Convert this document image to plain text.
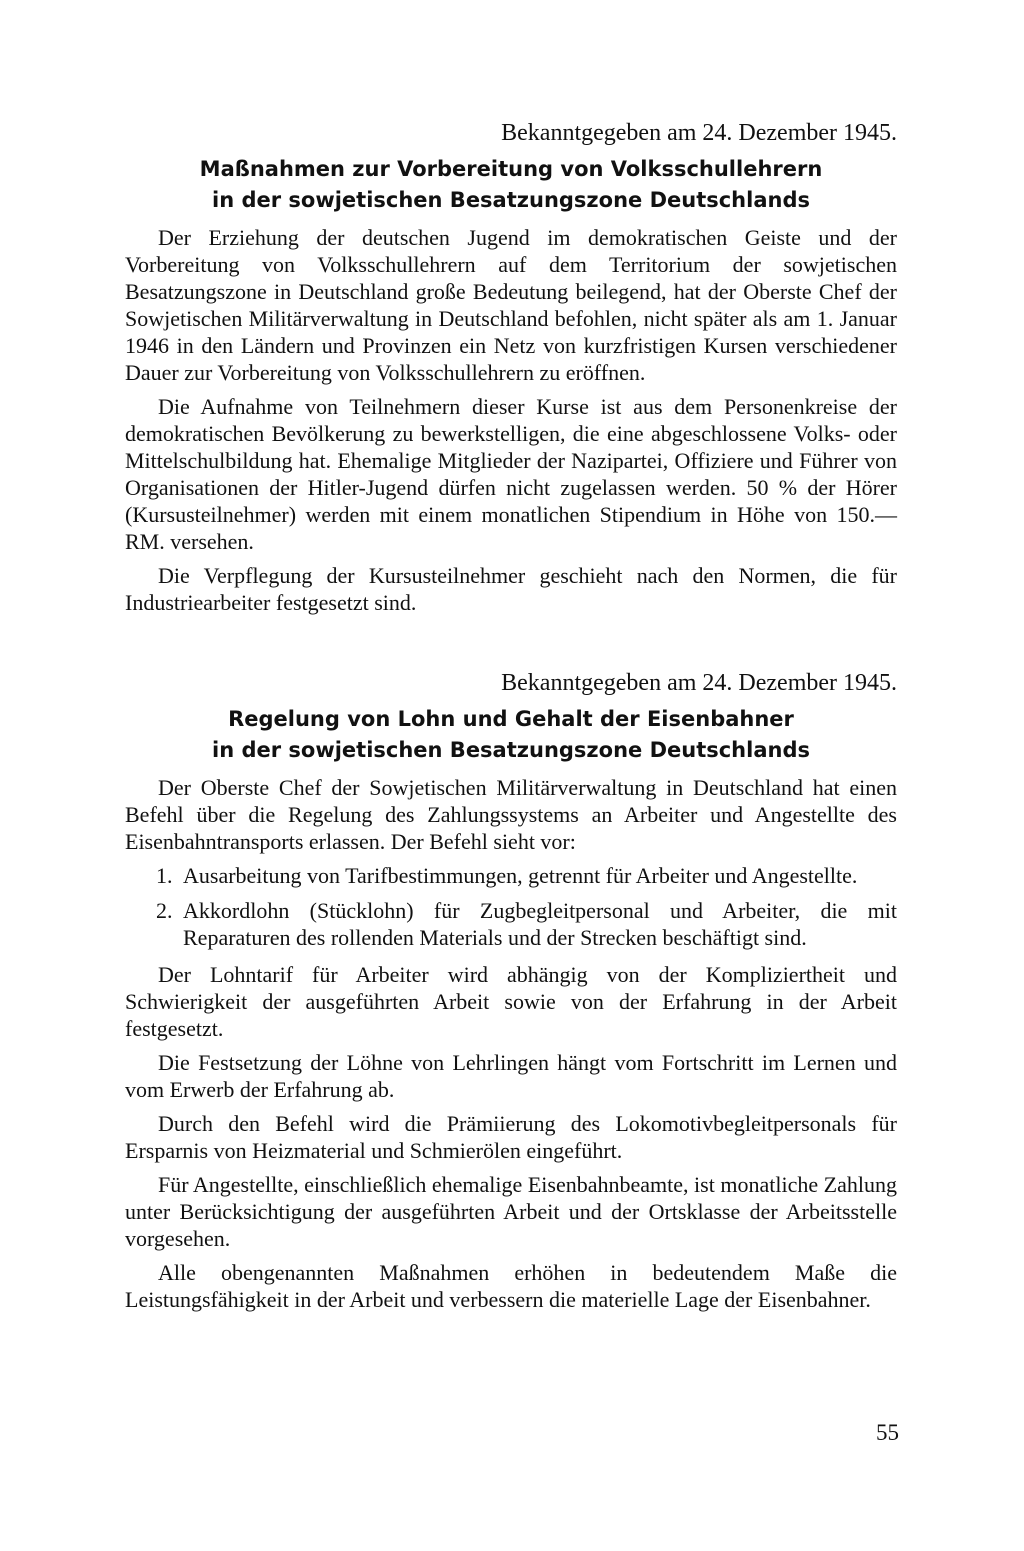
Bekanntgegeben am 24. Dezember 1945.

Maßnahmen zur Vorbereitung von Volksschullehrern
in der sowjetischen Besatzungszone Deutschlands

Der Erziehung der deutschen Jugend im demokratischen Geiste und der Vorbereitung von Volksschullehrern auf dem Territorium der sowjetischen Besatzungszone in Deutschland große Bedeutung beilegend, hat der Oberste Chef der Sowjetischen Militärverwaltung in Deutschland befohlen, nicht später als am 1. Januar 1946 in den Ländern und Provinzen ein Netz von kurzfristigen Kursen verschiedener Dauer zur Vorbereitung von Volksschullehrern zu eröffnen.

Die Aufnahme von Teilnehmern dieser Kurse ist aus dem Personenkreise der demokratischen Bevölkerung zu bewerkstelligen, die eine abgeschlossene Volks- oder Mittelschulbildung hat. Ehemalige Mitglieder der Nazipartei, Offiziere und Führer von Organisationen der Hitler-Jugend dürfen nicht zugelassen werden. 50 % der Hörer (Kursusteilnehmer) werden mit einem monatlichen Stipendium in Höhe von 150.— RM. versehen.

Die Verpflegung der Kursusteilnehmer geschieht nach den Normen, die für Industriearbeiter festgesetzt sind.

Bekanntgegeben am 24. Dezember 1945.

Regelung von Lohn und Gehalt der Eisenbahner
in der sowjetischen Besatzungszone Deutschlands

Der Oberste Chef der Sowjetischen Militärverwaltung in Deutschland hat einen Befehl über die Regelung des Zahlungssystems an Arbeiter und Angestellte des Eisenbahntransports erlassen. Der Befehl sieht vor:

1. Ausarbeitung von Tarifbestimmungen, getrennt für Arbeiter und Angestellte.
2. Akkordlohn (Stücklohn) für Zugbegleitpersonal und Arbeiter, die mit Reparaturen des rollenden Materials und der Strecken beschäftigt sind.

Der Lohntarif für Arbeiter wird abhängig von der Kompliziertheit und Schwierigkeit der ausgeführten Arbeit sowie von der Erfahrung in der Arbeit festgesetzt.

Die Festsetzung der Löhne von Lehrlingen hängt vom Fortschritt im Lernen und vom Erwerb der Erfahrung ab.

Durch den Befehl wird die Prämiierung des Lokomotivbegleitpersonals für Ersparnis von Heizmaterial und Schmierölen eingeführt.

Für Angestellte, einschließlich ehemalige Eisenbahnbeamte, ist monatliche Zahlung unter Berücksichtigung der ausgeführten Arbeit und der Ortsklasse der Arbeitsstelle vorgesehen.

Alle obengenannten Maßnahmen erhöhen in bedeutendem Maße die Leistungsfähigkeit in der Arbeit und verbessern die materielle Lage der Eisenbahner.

55
